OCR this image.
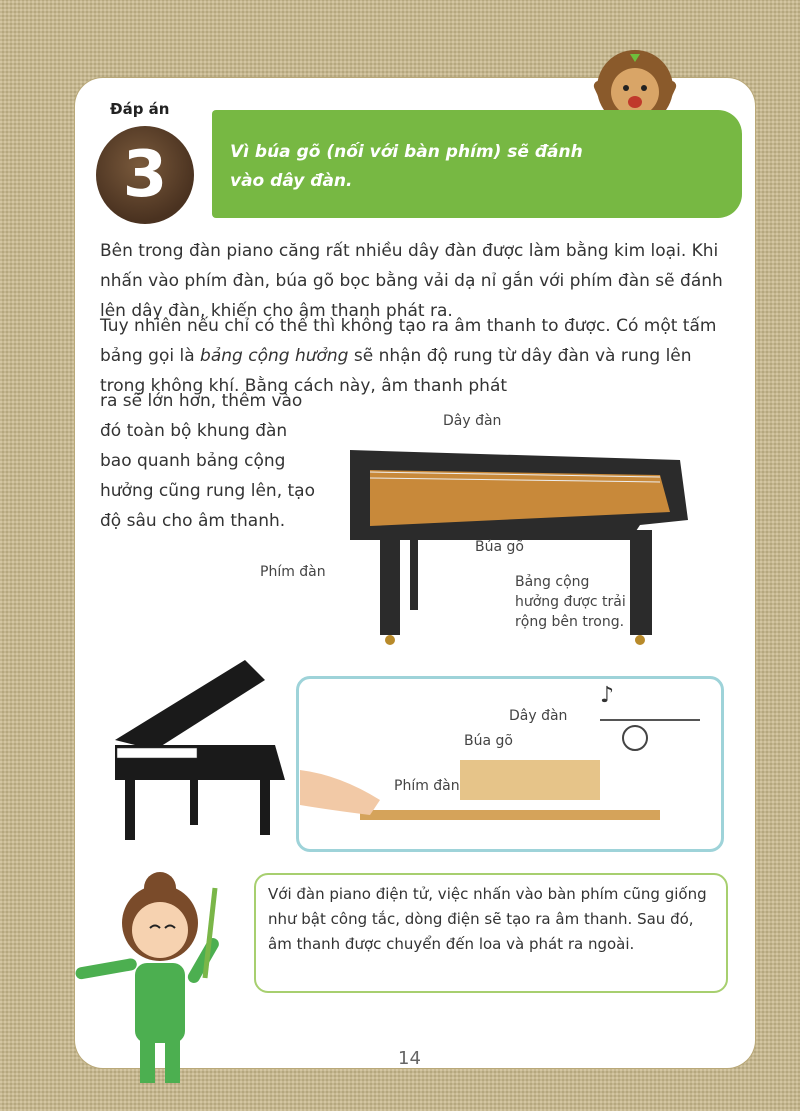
Đáp án
3	Vì búa gõ (nối với bàn phím) sẽ đánh vào dây đàn.
Bên trong đàn piano căng rất nhiều dây đàn được làm bằng kim loại. Khi nhấn vào phím đàn, búa gõ bọc bằng vải dạ nỉ gắn với phím đàn sẽ đánh lên dây đàn, khiến cho âm thanh phát ra.
Tuy nhiên nếu chỉ có thế thì không tạo ra âm thanh to được. Có một tấm bảng gọi là bảng cộng hưởng sẽ nhận độ rung từ dây đàn và rung lên trong không khí. Bằng cách này, âm thanh phát
ra sẽ lớn hơn, thêm vào đó toàn bộ khung đàn bao quanh bảng cộng hưởng cũng rung lên, tạo độ sâu cho âm thanh.
Dây đàn
Búa gõ
Phím đàn
Bảng cộng hưởng được trải rộng bên trong.
♪
Dây đàn
Búa gõ
Phím đàn
Với đàn piano điện tử, việc nhấn vào bàn phím cũng giống như bật công tắc, dòng điện sẽ tạo ra âm thanh. Sau đó, âm thanh được chuyển đến loa và phát ra ngoài.
14
